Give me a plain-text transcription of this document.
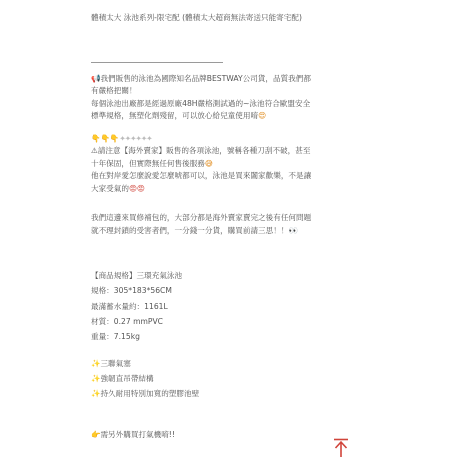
體積太大 泳池系列-限宅配 (體積太大超商無法寄送只能寄宅配)
📢我們販售的泳池為國際知名品牌BESTWAY公司貨，品質我們都
有嚴格把關！
每個泳池出廠都是經過原廠48H嚴格測試過的~泳池符合歐盟安全
標準規格，無塑化劑殘留，可以放心給兒童使用唷😍
👇👇👇✦✦✦✦✦✦
⚠請注意【海外賣家】販售的各項泳池，號稱各種刀刮不破，甚至
十年保固，但實際無任何售後服務😅
他在對岸愛怎麼說愛怎麼唬都可以，泳池是買來闔家歡樂，不是讓
大家受氣的😡😡
我們這邊來買修補包的，大部分都是海外賣家賣完之後有任何問題
就不理封鎖的受害者們，一分錢一分貨，購買前請三思！！👀
【商品規格】三環充氣泳池
規格：305*183*56CM
最滿蓄水量約：1161L
材質：0.27 mmPVC
重量：7.15kg
✨三聯氣塞
✨強韌直吊帶結構
✨持久耐用特別加寬的塑膠池壁
👉需另外購買打氣機唷!!
